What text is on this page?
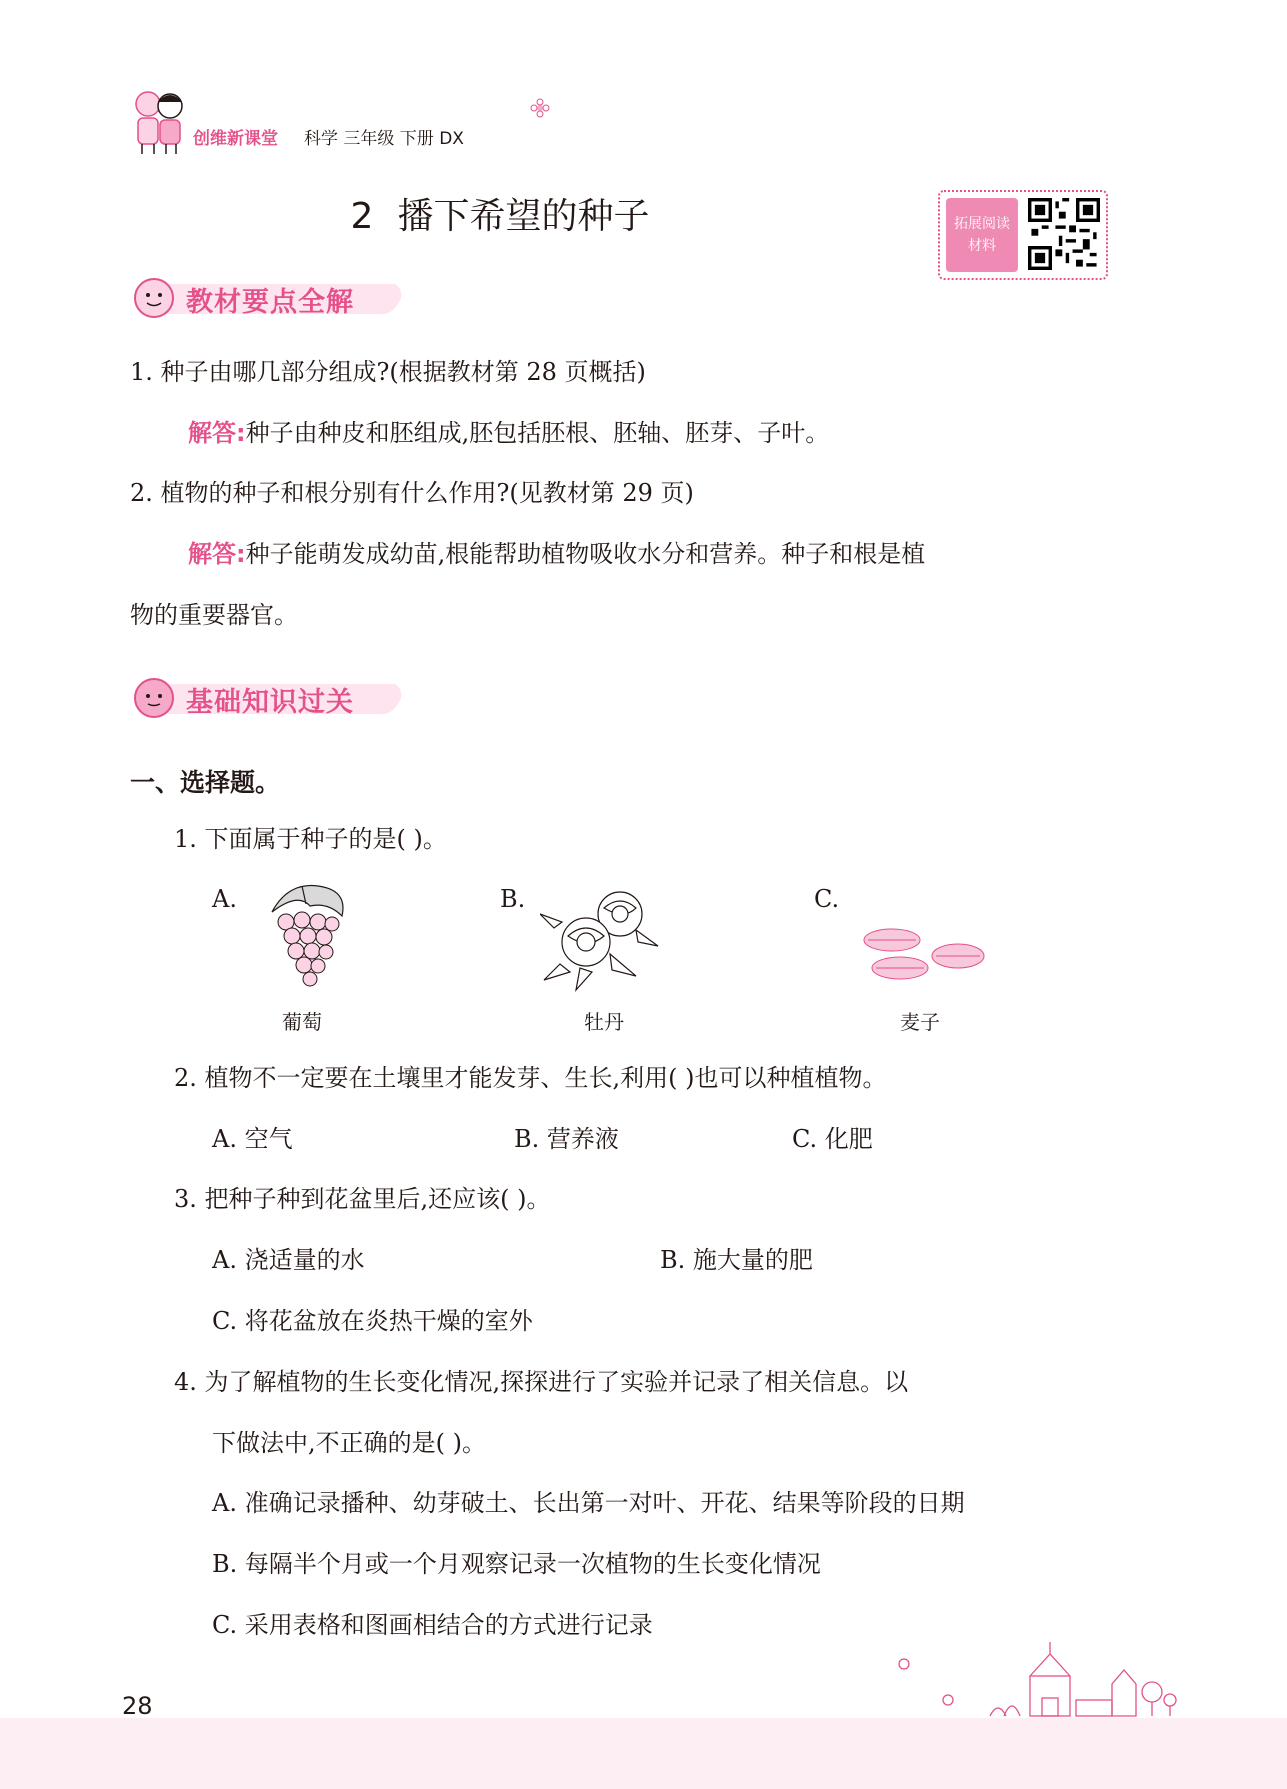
创维新课堂 科学 三年级 下册 DX
2 播下希望的种子	拓展阅读
材料
教材要点全解
1. 种子由哪几部分组成?(根据教材第 28 页概括)
解答:种子由种皮和胚组成,胚包括胚根、胚轴、胚芽、子叶。
2. 植物的种子和根分别有什么作用?(见教材第 29 页)
解答:种子能萌发成幼苗,根能帮助植物吸收水分和营养。种子和根是植
物的重要器官。
基础知识过关
一、选择题。
1. 下面属于种子的是( )。
A.
葡萄
B.
牡丹
C.
麦子
2. 植物不一定要在土壤里才能发芽、生长,利用( )也可以种植植物。
A. 空气	B. 营养液	C. 化肥
3. 把种子种到花盆里后,还应该( )。
A. 浇适量的水	B. 施大量的肥
C. 将花盆放在炎热干燥的室外
4. 为了解植物的生长变化情况,探探进行了实验并记录了相关信息。以
下做法中,不正确的是( )。
A. 准确记录播种、幼芽破土、长出第一对叶、开花、结果等阶段的日期
B. 每隔半个月或一个月观察记录一次植物的生长变化情况
C. 采用表格和图画相结合的方式进行记录
28
